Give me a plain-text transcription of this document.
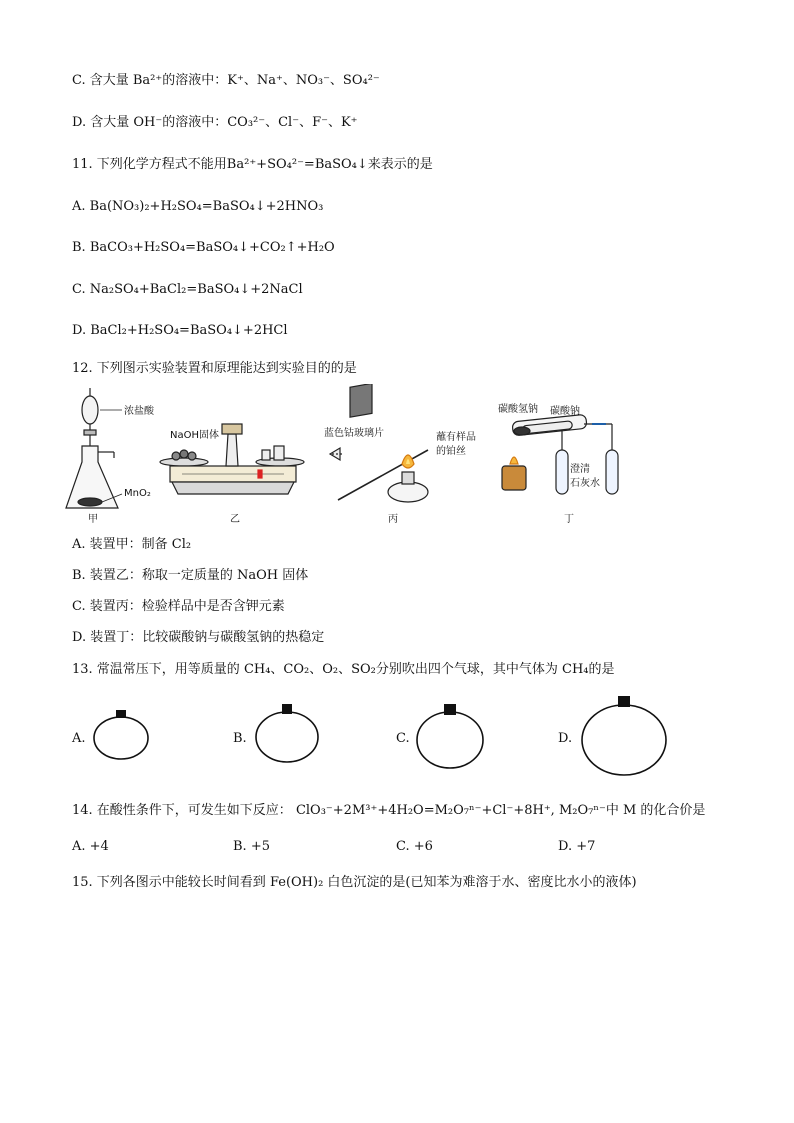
C. 含大量 Ba²⁺的溶液中：K⁺、Na⁺、NO₃⁻、SO₄²⁻
D. 含大量 OH⁻的溶液中：CO₃²⁻、Cl⁻、F⁻、K⁺
11. 下列化学方程式不能用Ba²⁺+SO₄²⁻=BaSO₄↓来表示的是
A. Ba(NO₃)₂+H₂SO₄=BaSO₄↓+2HNO₃
B. BaCO₃+H₂SO₄=BaSO₄↓+CO₂↑+H₂O
C. Na₂SO₄+BaCl₂=BaSO₄↓+2NaCl
D. BaCl₂+H₂SO₄=BaSO₄↓+2HCl
12. 下列图示实验装置和原理能达到实验目的的是
浓盐酸
MnO₂
甲
NaOH固体
乙
蓝色钴玻璃片	蘸有样品
的铂丝
丙
碳酸氢钠 碳酸钠
澄清
石灰水
丁
A. 装置甲：制备 Cl₂
B. 装置乙：称取一定质量的 NaOH 固体
C. 装置丙：检验样品中是否含钾元素
D. 装置丁：比较碳酸钠与碳酸氢钠的热稳定
13. 常温常压下，用等质量的 CH₄、CO₂、O₂、SO₂分别吹出四个气球，其中气体为 CH₄的是
A.	B.	C.	D.
14. 在酸性条件下，可发生如下反应： ClO₃⁻+2M³⁺+4H₂O=M₂O₇ⁿ⁻+Cl⁻+8H⁺, M₂O₇ⁿ⁻中 M 的化合价是
A. +4	B. +5	C. +6	D. +7
15. 下列各图示中能较长时间看到 Fe(OH)₂ 白色沉淀的是(已知苯为难溶于水、密度比水小的液体)
